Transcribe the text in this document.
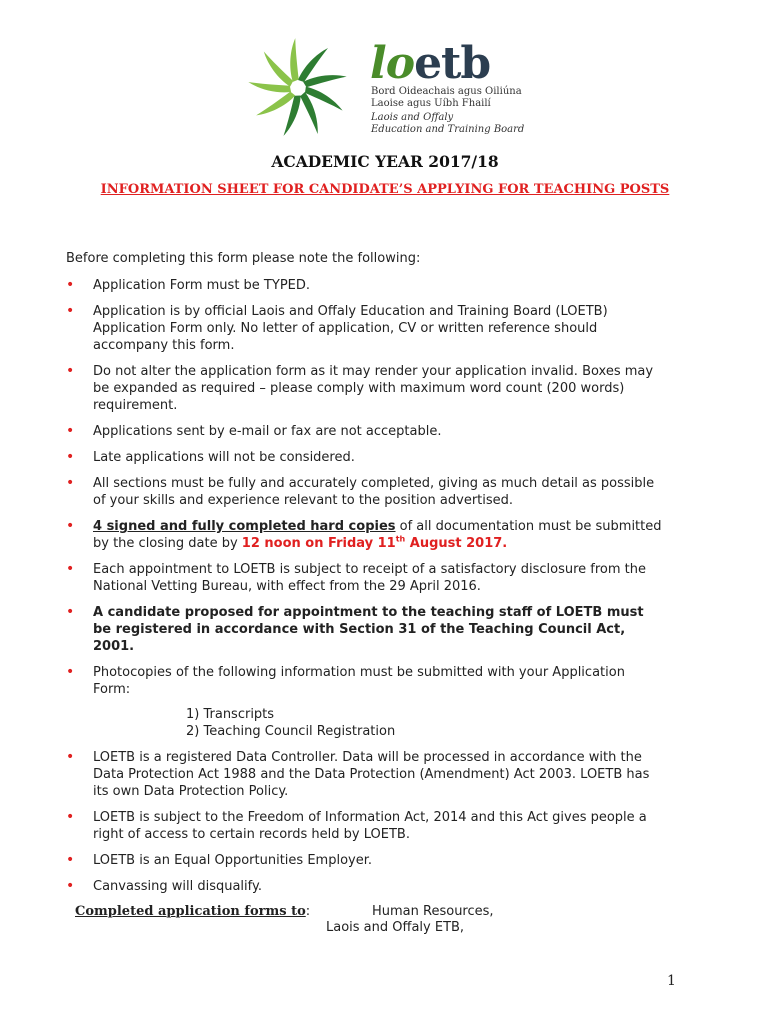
loetb
Bord Oideachais agus Oiliúna
Laoise agus Uíbh Fhailí
Laois and Offaly
Education and Training Board
ACADEMIC YEAR 2017/18
INFORMATION SHEET FOR CANDIDATE’S APPLYING FOR TEACHING POSTS
Before completing this form please note the following:
• Application Form must be TYPED.
• Application is by official Laois and Offaly Education and Training Board (LOETB) Application Form only. No letter of application, CV or written reference should accompany this form.
• Do not alter the application form as it may render your application invalid. Boxes may be expanded as required – please comply with maximum word count (200 words) requirement.
• Applications sent by e-mail or fax are not acceptable.
• Late applications will not be considered.
• All sections must be fully and accurately completed, giving as much detail as possible of your skills and experience relevant to the position advertised.
• 4 signed and fully completed hard copies of all documentation must be submitted by the closing date by 12 noon on Friday 11th August 2017.
• Each appointment to LOETB is subject to receipt of a satisfactory disclosure from the National Vetting Bureau, with effect from the 29 April 2016.
• A candidate proposed for appointment to the teaching staff of LOETB must be registered in accordance with Section 31 of the Teaching Council Act, 2001.
• Photocopies of the following information must be submitted with your Application Form:
1) Transcripts
2) Teaching Council Registration
• LOETB is a registered Data Controller. Data will be processed in accordance with the Data Protection Act 1988 and the Data Protection (Amendment) Act 2003. LOETB has its own Data Protection Policy.
• LOETB is subject to the Freedom of Information Act, 2014 and this Act gives people a right of access to certain records held by LOETB.
• LOETB is an Equal Opportunities Employer.
• Canvassing will disqualify.
Completed application forms to:	Human Resources,
Laois and Offaly ETB,
1
